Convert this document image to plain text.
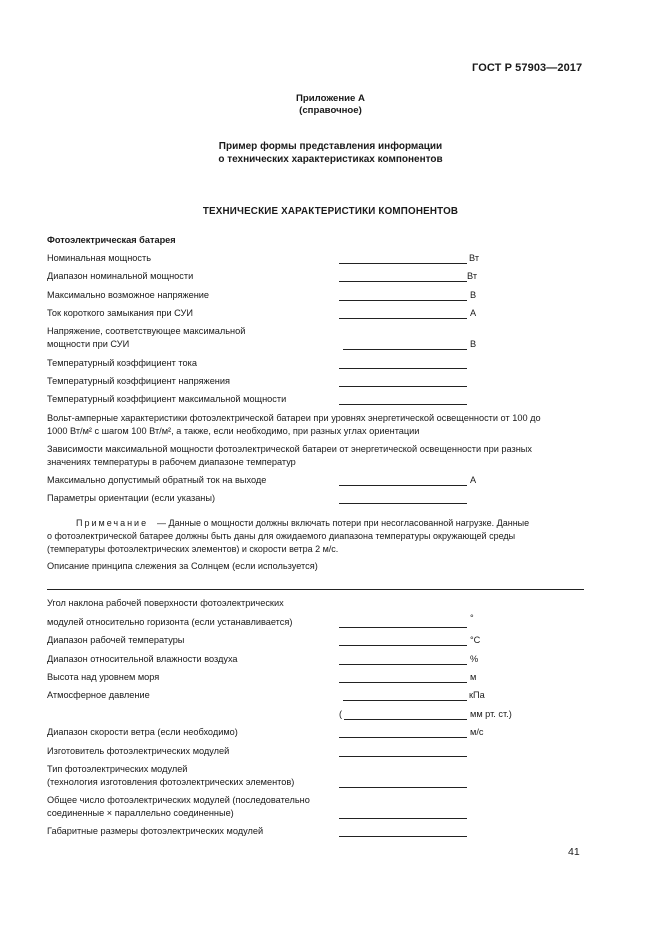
ГОСТ Р 57903—2017
Приложение А
(справочное)
Пример формы представления информации
о технических характеристиках компонентов
ТЕХНИЧЕСКИЕ ХАРАКТЕРИСТИКИ КОМПОНЕНТОВ
Фотоэлектрическая батарея
Номинальная мощность	Вт
Диапазон номинальной мощности	Вт
Максимально возможное напряжение	В
Ток короткого замыкания при СУИ	А
Напряжение, соответствующее максимальной
мощности при СУИ	В
Температурный коэффициент тока
Температурный коэффициент напряжения
Температурный коэффициент максимальной мощности
Вольт-амперные характеристики фотоэлектрической батареи при уровнях энергетической освещенности от 100 до
1000 Вт/м² с шагом 100 Вт/м², а также, если необходимо, при разных углах ориентации
Зависимости максимальной мощности фотоэлектрической батареи от энергетической освещенности при разных
значениях температуры в рабочем диапазоне температур
Максимально допустимый обратный ток на выходе	А
Параметры ориентации (если указаны)
Примечание — Данные о мощности должны включать потери при несогласованной нагрузке. Данные
о фотоэлектрической батарее должны быть даны для ожидаемого диапазона температуры окружающей среды
(температуры фотоэлектрических элементов) и скорости ветра 2 м/с.
Описание принципа слежения за Солнцем (если используется)
Угол наклона рабочей поверхности фотоэлектрических
модулей относительно горизонта (если устанавливается)	°
Диапазон рабочей температуры	°С
Диапазон относительной влажности воздуха	%
Высота над уровнем моря	м
Атмосферное давление	кПа
(	мм рт. ст.)
Диапазон скорости ветра (если необходимо)	м/с
Изготовитель фотоэлектрических модулей
Тип фотоэлектрических модулей
(технология изготовления фотоэлектрических элементов)
Общее число фотоэлектрических модулей (последовательно
соединенные × параллельно соединенные)
Габаритные размеры фотоэлектрических модулей
41
